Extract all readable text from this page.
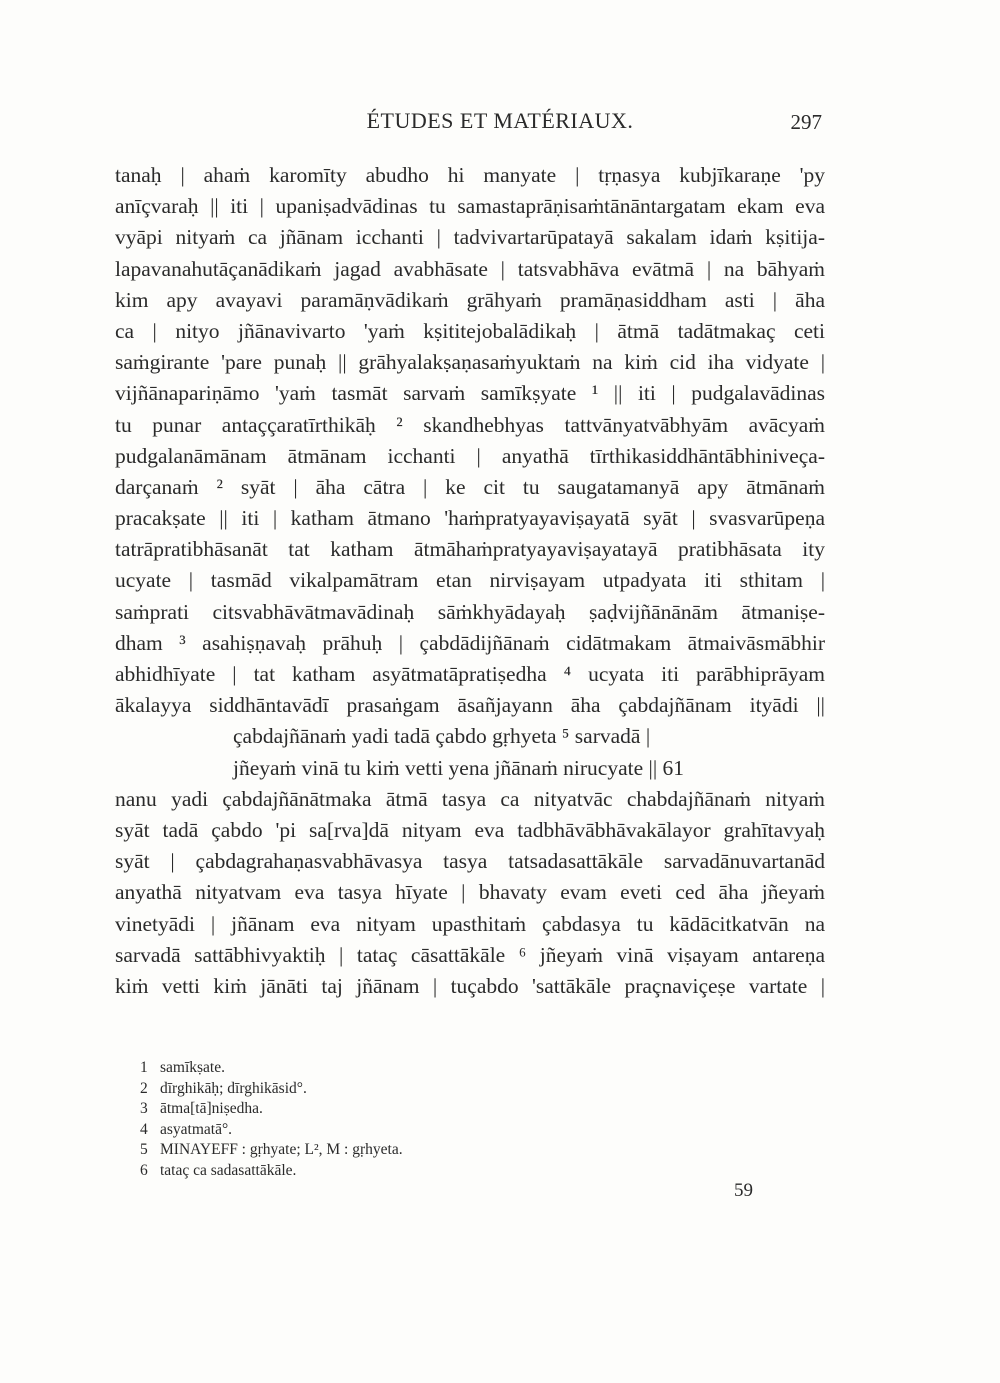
ÉTUDES ET MATÉRIAUX.	297
tanaḥ | ahaṁ karomīty abudho hi manyate | tṛṇasya kubjīkaraṇe 'py
anīçvaraḥ || iti | upaniṣadvādinas tu samastaprāṇisaṁtānāntargatam ekam eva
vyāpi nityaṁ ca jñānam icchanti | tadvivartarūpatayā sakalam idaṁ kṣitija-
lapavanahutāçanādikaṁ jagad avabhāsate | tatsvabhāva evātmā | na bāhyaṁ
kim apy avayavi paramāṇvādikaṁ grāhyaṁ pramāṇasiddham asti | āha
ca | nityo jñānavivarto 'yaṁ kṣititejobalādikaḥ | ātmā tadātmakaç ceti
saṁgirante 'pare punaḥ || grāhyalakṣaṇasaṁyuktaṁ na kiṁ cid iha vidyate |
vijñānapariṇāmo 'yaṁ tasmāt sarvaṁ samīkṣyate ¹ || iti | pudgalavādinas
tu punar antaççaratīrthikāḥ ² skandhebhyas tattvānyatvābhyām avācyaṁ
pudgalanāmānam ātmānam icchanti | anyathā tīrthikasiddhāntābhiniveça-
darçanaṁ ² syāt | āha cātra | ke cit tu saugatamanyā apy ātmānaṁ
pracakṣate || iti | katham ātmano 'haṁpratyayaviṣayatā syāt | svasvarūpeṇa
tatrāpratibhāsanāt tat katham ātmāhaṁpratyayaviṣayatayā pratibhāsata ity
ucyate | tasmād vikalpamātram etan nirviṣayam utpadyata iti sthitam |
saṁprati citsvabhāvātmavādinaḥ sāṁkhyādayaḥ ṣaḍvijñānānām ātmaniṣe-
dham ³ asahiṣṇavaḥ prāhuḥ | çabdādijñānaṁ cidātmakam ātmaivāsmābhir
abhidhīyate | tat katham asyātmatāpratiṣedha ⁴ ucyata iti parābhiprāyam
ākalayya siddhāntavādī prasaṅgam āsañjayann āha çabdajñānam ityādi ||
çabdajñānaṁ yadi tadā çabdo gṛhyeta ⁵ sarvadā |
jñeyaṁ vinā tu kiṁ vetti yena jñānaṁ nirucyate || 61
nanu yadi çabdajñānātmaka ātmā tasya ca nityatvāc chabdajñānaṁ nityaṁ
syāt tadā çabdo 'pi sa[rva]dā nityam eva tadbhāvābhāvakālayor grahītavyaḥ
syāt | çabdagrahaṇasvabhāvasya tasya tatsadasattākāle sarvadānuvartanād
anyathā nityatvam eva tasya hīyate | bhavaty evam eveti ced āha jñeyaṁ
vinetyādi | jñānam eva nityam upasthitaṁ çabdasya tu kādācitkatvān na
sarvadā sattābhivyaktiḥ | tataç cāsattākāle ⁶ jñeyaṁ vinā viṣayam antareṇa
kiṁ vetti kiṁ jānāti taj jñānam | tuçabdo 'sattākāle praçnaviçeṣe vartate |
1 samīkṣate.
2 dīrghikāḥ; dīrghikāsid°.
3 ātma[tā]niṣedha.
4 asyatmatā°.
5 MINAYEFF : gṛhyate; L², M : gṛhyeta.
6 tataç ca sadasattākāle.
59
